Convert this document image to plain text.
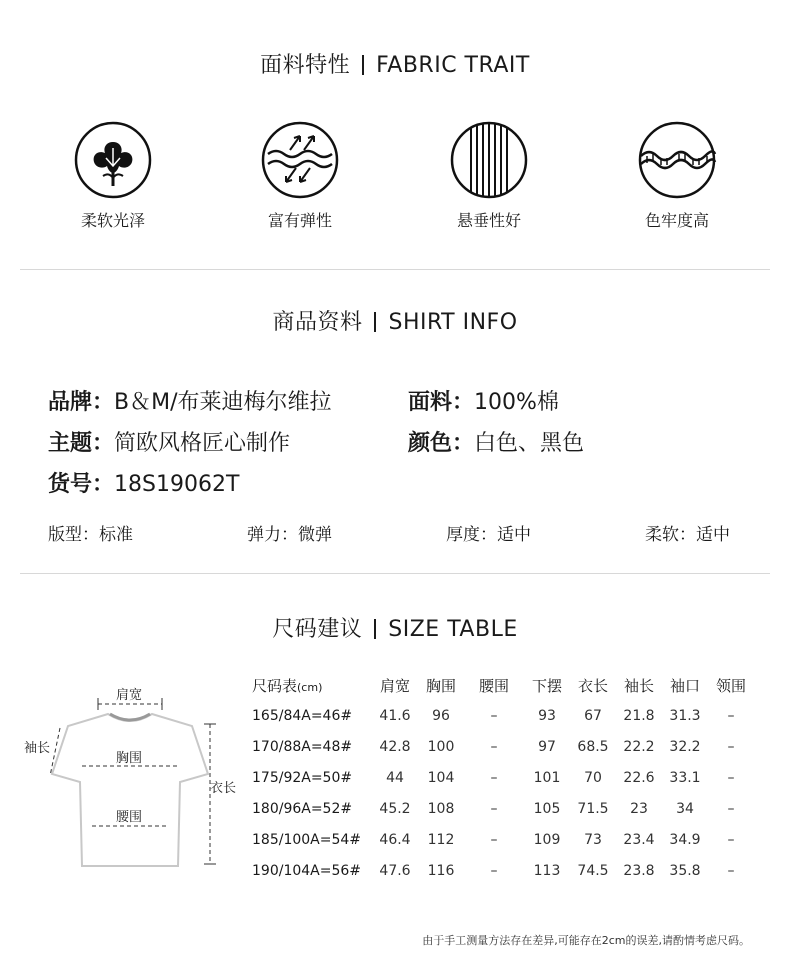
面料特性 FABRIC TRAIT
柔软光泽	富有弹性	悬垂性好	色牢度高
商品资料 SHIRT INFO
品牌：B＆M/布莱迪梅尔维拉	面料：100%棉
主题：简欧风格匠心制作	颜色：白色、黑色
货号：18S19062T
版型：标准	弹力：微弹	厚度：适中	柔软：适中
尺码建议 SIZE TABLE
肩宽
袖长
胸围
腰围
衣长
尺码表(cm)	肩宽	胸围	腰围	下摆	衣长	袖长	袖口	领围
165/84A=46#	41.6	96	–	93	67	21.8	31.3	–
170/88A=48#	42.8	100	–	97	68.5	22.2	32.2	–
175/92A=50#	44	104	–	101	70	22.6	33.1	–
180/96A=52#	45.2	108	–	105	71.5	23	34	–
185/100A=54#	46.4	112	–	109	73	23.4	34.9	–
190/104A=56#	47.6	116	–	113	74.5	23.8	35.8	–
由于手工测量方法存在差异,可能存在2cm的误差,请酌情考虑尺码。
